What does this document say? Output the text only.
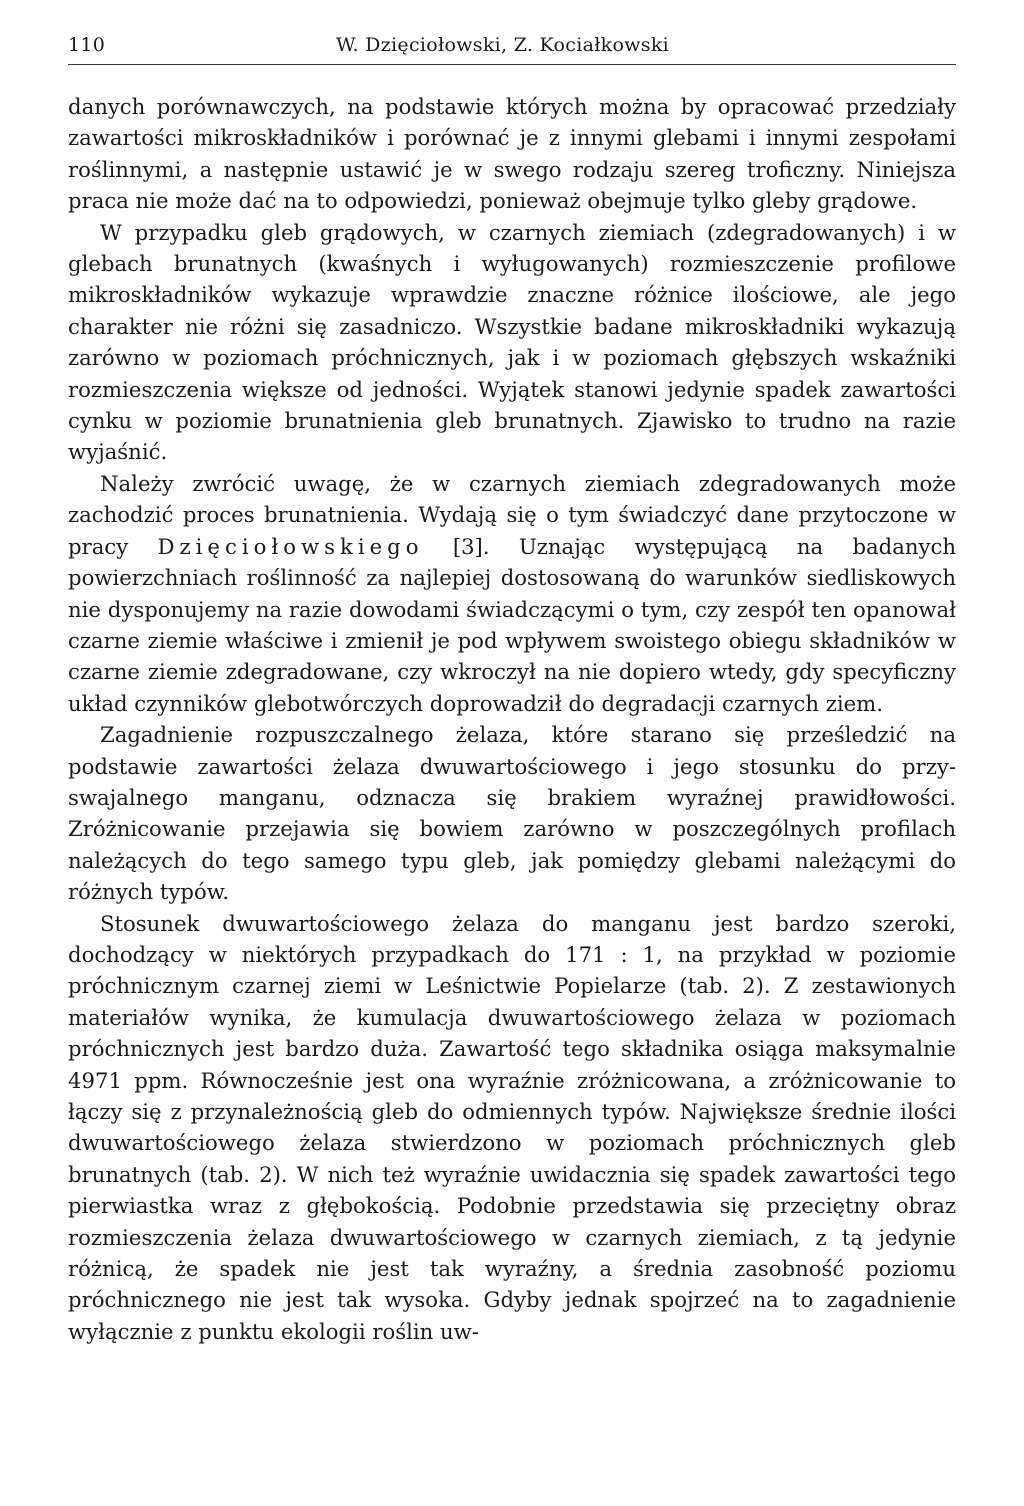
110	W. Dzięciołowski, Z. Kociałkowski

danych porównawczych, na podstawie których można by opracować przedziały zawartości mikroskładników i porównać je z innymi glebami i innymi zespołami roślinnymi, a następnie ustawić je w swego rodzaju szereg troficzny. Niniejsza praca nie może dać na to odpowiedzi, ponieważ obejmuje tylko gleby grądowe.

W przypadku gleb grądowych, w czarnych ziemiach (zdegradowanych) i w glebach brunatnych (kwaśnych i wyługowanych) rozmieszczenie profilowe mikroskładników wykazuje wprawdzie znaczne różnice ilościowe, ale jego charakter nie różni się zasadniczo. Wszystkie badane mikroskładniki wykazują zarówno w poziomach próchnicznych, jak i w poziomach głębszych wskaźniki rozmieszczenia większe od jedności. Wyjątek stanowi jedynie spadek zawartości cynku w poziomie brunatnienia gleb brunatnych. Zjawisko to trudno na razie wyjaśnić.

Należy zwrócić uwagę, że w czarnych ziemiach zdegradowanych może zachodzić proces brunatnienia. Wydają się o tym świadczyć dane przytoczone w pracy Dzięciołowskiego [3]. Uznając występującą na badanych powierzchniach roślinność za najlepiej dostosowaną do warunków siedliskowych nie dysponujemy na razie dowodami świadczącymi o tym, czy zespół ten opanował czarne ziemie właściwe i zmienił je pod wpływem swoistego obiegu składników w czarne ziemie zdegradowane, czy wkroczył na nie dopiero wtedy, gdy specyficzny układ czynników glebotwórczych doprowadził do degradacji czarnych ziem.

Zagadnienie rozpuszczalnego żelaza, które starano się prześledzić na podstawie zawartości żelaza dwuwartościowego i jego stosunku do przyswajalnego manganu, odznacza się brakiem wyraźnej prawidłowości. Zróżnicowanie przejawia się bowiem zarówno w poszczególnych profilach należących do tego samego typu gleb, jak pomiędzy glebami należącymi do różnych typów.

Stosunek dwuwartościowego żelaza do manganu jest bardzo szeroki, dochodzący w niektórych przypadkach do 171 : 1, na przykład w poziomie próchnicznym czarnej ziemi w Leśnictwie Popielarze (tab. 2). Z zestawionych materiałów wynika, że kumulacja dwuwartościowego żelaza w poziomach próchnicznych jest bardzo duża. Zawartość tego składnika osiąga maksymalnie 4971 ppm. Równocześnie jest ona wyraźnie zróżnicowana, a zróżnicowanie to łączy się z przynależnością gleb do odmiennych typów. Największe średnie ilości dwuwartościowego żelaza stwierdzono w poziomach próchnicznych gleb brunatnych (tab. 2). W nich też wyraźnie uwidacznia się spadek zawartości tego pierwiastka wraz z głębokością. Podobnie przedstawia się przeciętny obraz rozmieszczenia żelaza dwuwartościowego w czarnych ziemiach, z tą jedynie różnicą, że spadek nie jest tak wyraźny, a średnia zasobność poziomu próchnicznego nie jest tak wysoka. Gdyby jednak spojrzeć na to zagadnienie wyłącznie z punktu ekologii roślin uw-
